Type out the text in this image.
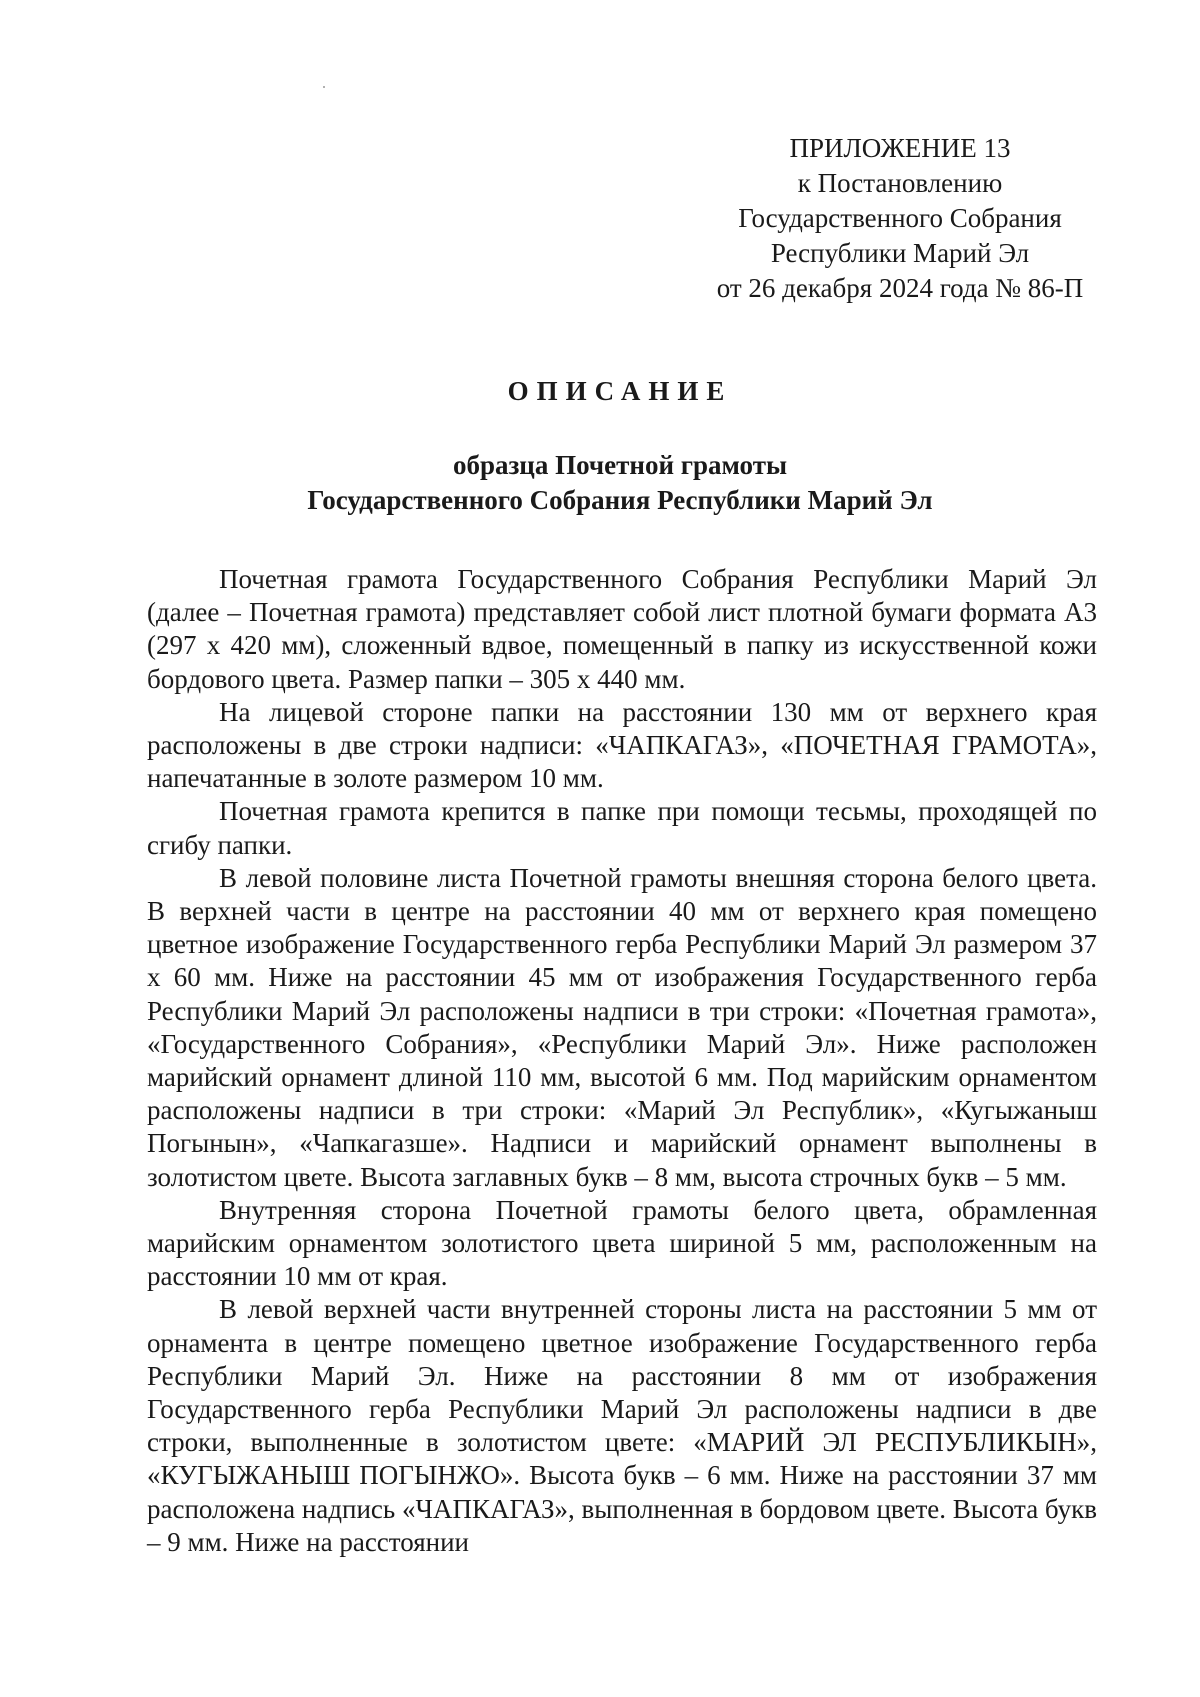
ПРИЛОЖЕНИЕ 13
к Постановлению
Государственного Собрания
Республики Марий Эл
от 26 декабря 2024 года № 86-П
ОПИСАНИЕ
образца Почетной грамоты
Государственного Собрания Республики Марий Эл

Почетная грамота Государственного Собрания Республики Марий Эл (далее – Почетная грамота) представляет собой лист плотной бумаги формата А3 (297 x 420 мм), сложенный вдвое, помещенный в папку из искусственной кожи бордового цвета. Размер папки – 305 x 440 мм.

На лицевой стороне папки на расстоянии 130 мм от верхнего края расположены в две строки надписи: «ЧАПКАГАЗ», «ПОЧЕТНАЯ ГРАМОТА», напечатанные в золоте размером 10 мм.

Почетная грамота крепится в папке при помощи тесьмы, проходящей по сгибу папки.

В левой половине листа Почетной грамоты внешняя сторона белого цвета. В верхней части в центре на расстоянии 40 мм от верхнего края помещено цветное изображение Государственного герба Республики Марий Эл размером 37 x 60 мм. Ниже на расстоянии 45 мм от изображения Государственного герба Республики Марий Эл расположены надписи в три строки: «Почетная грамота», «Государственного Собрания», «Республики Марий Эл». Ниже расположен марийский орнамент длиной 110 мм, высотой 6 мм. Под марийским орнаментом расположены надписи в три строки: «Марий Эл Республик», «Кугыжаныш Погынын», «Чапкагазше». Надписи и марийский орнамент выполнены в золотистом цвете. Высота заглавных букв – 8 мм, высота строчных букв – 5 мм.

Внутренняя сторона Почетной грамоты белого цвета, обрамленная марийским орнаментом золотистого цвета шириной 5 мм, расположенным на расстоянии 10 мм от края.

В левой верхней части внутренней стороны листа на расстоянии 5 мм от орнамента в центре помещено цветное изображение Государственного герба Республики Марий Эл. Ниже на расстоянии 8 мм от изображения Государственного герба Республики Марий Эл расположены надписи в две строки, выполненные в золотистом цвете: «МАРИЙ ЭЛ РЕСПУБЛИКЫН», «КУГЫЖАНЫШ ПОГЫНЖО». Высота букв – 6 мм. Ниже на расстоянии 37 мм расположена надпись «ЧАПКАГАЗ», выполненная в бордовом цвете. Высота букв – 9 мм. Ниже на расстоянии
